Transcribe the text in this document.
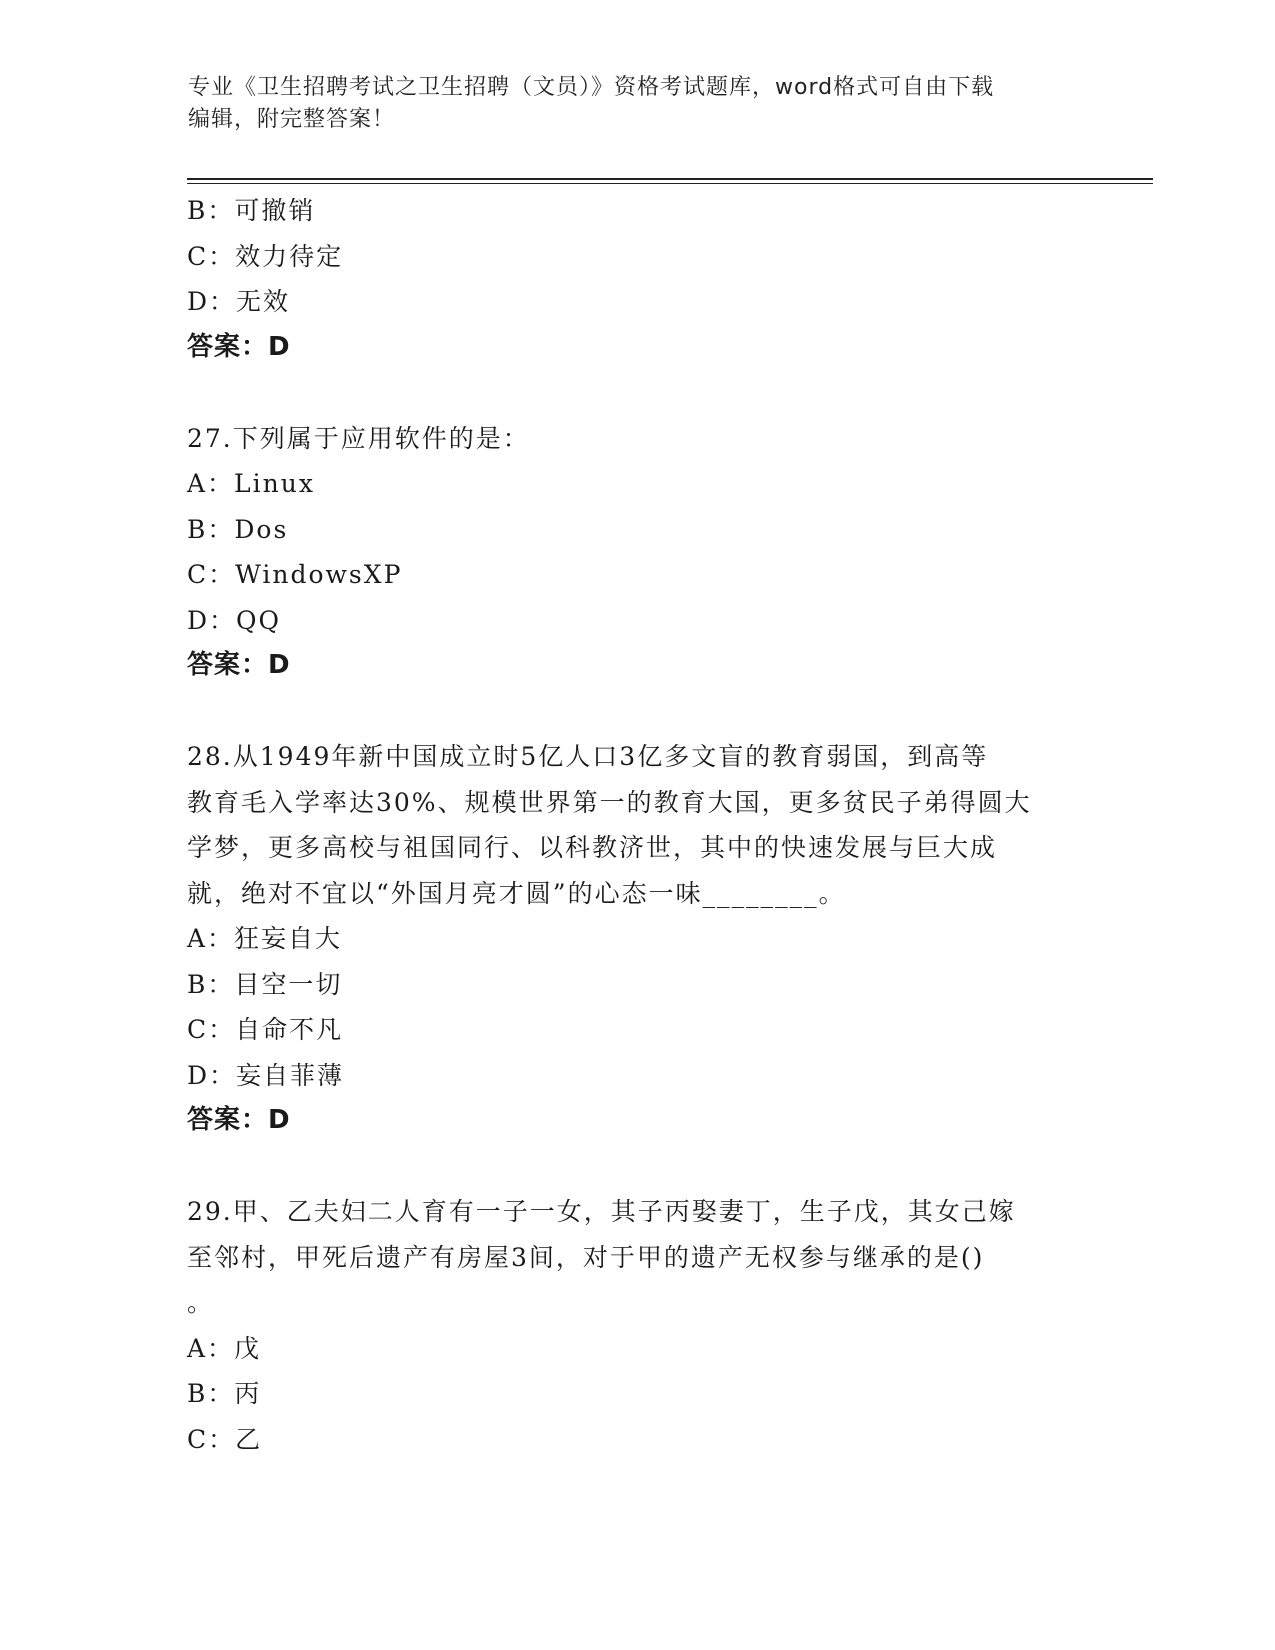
专业《卫生招聘考试之卫生招聘（文员）》资格考试题库，word格式可自由下载
编辑，附完整答案！
B：可撤销
C：效力待定
D：无效
答案：D
27.下列属于应用软件的是：
A：Linux
B：Dos
C：WindowsXP
D：QQ
答案：D
28.从1949年新中国成立时5亿人口3亿多文盲的教育弱国，到高等
教育毛入学率达30%、规模世界第一的教育大国，更多贫民子弟得圆大
学梦，更多高校与祖国同行、以科教济世，其中的快速发展与巨大成
就，绝对不宜以“外国月亮才圆”的心态一味________。
A：狂妄自大
B：目空一切
C：自命不凡
D：妄自菲薄
答案：D
29.甲、乙夫妇二人育有一子一女，其子丙娶妻丁，生子戊，其女己嫁
至邻村，甲死后遗产有房屋3间，对于甲的遗产无权参与继承的是()
。
A：戊
B：丙
C：乙
